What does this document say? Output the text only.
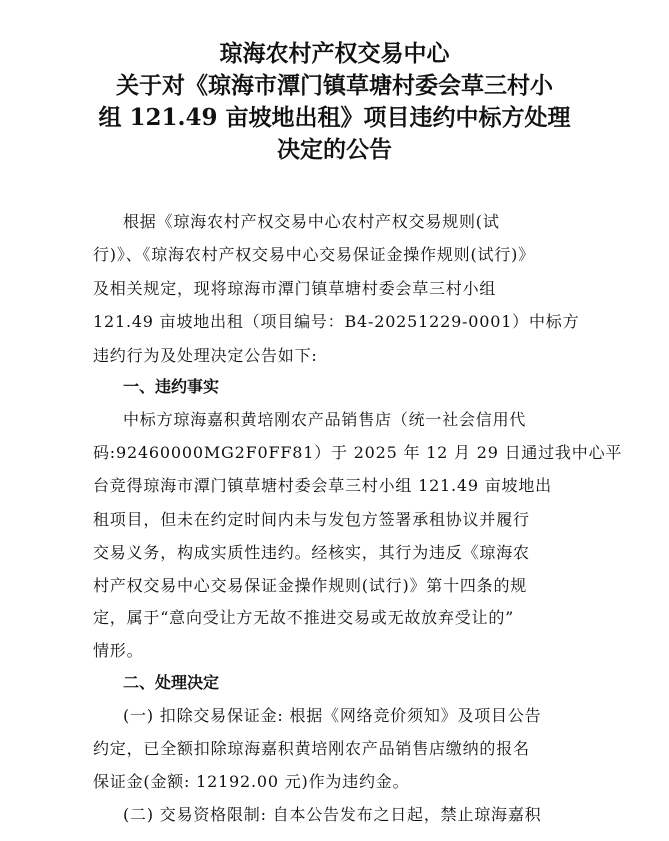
琼海农村产权交易中心
关于对《琼海市潭门镇草塘村委会草三村小
组 121.49 亩坡地出租》项目违约中标方处理
决定的公告
根据《琼海农村产权交易中心农村产权交易规则(试
行)》、《琼海农村产权交易中心交易保证金操作规则(试行)》
及相关规定，现将琼海市潭门镇草塘村委会草三村小组
121.49 亩坡地出租（项目编号：B4-20251229-0001）中标方
违约行为及处理决定公告如下:
一、违约事实
中标方琼海嘉积黄培刚农产品销售店（统一社会信用代
码:92460000MG2F0FF81）于 2025 年 12 月 29 日通过我中心平
台竞得琼海市潭门镇草塘村委会草三村小组 121.49 亩坡地出
租项目，但未在约定时间内未与发包方签署承租协议并履行
交易义务，构成实质性违约。经核实，其行为违反《琼海农
村产权交易中心交易保证金操作规则(试行)》第十四条的规
定，属于“意向受让方无故不推进交易或无故放弃受让的”
情形。
二、处理决定
(一) 扣除交易保证金: 根据《网络竞价须知》及项目公告
约定，已全额扣除琼海嘉积黄培刚农产品销售店缴纳的报名
保证金(金额: 12192.00 元)作为违约金。
(二) 交易资格限制: 自本公告发布之日起，禁止琼海嘉积
